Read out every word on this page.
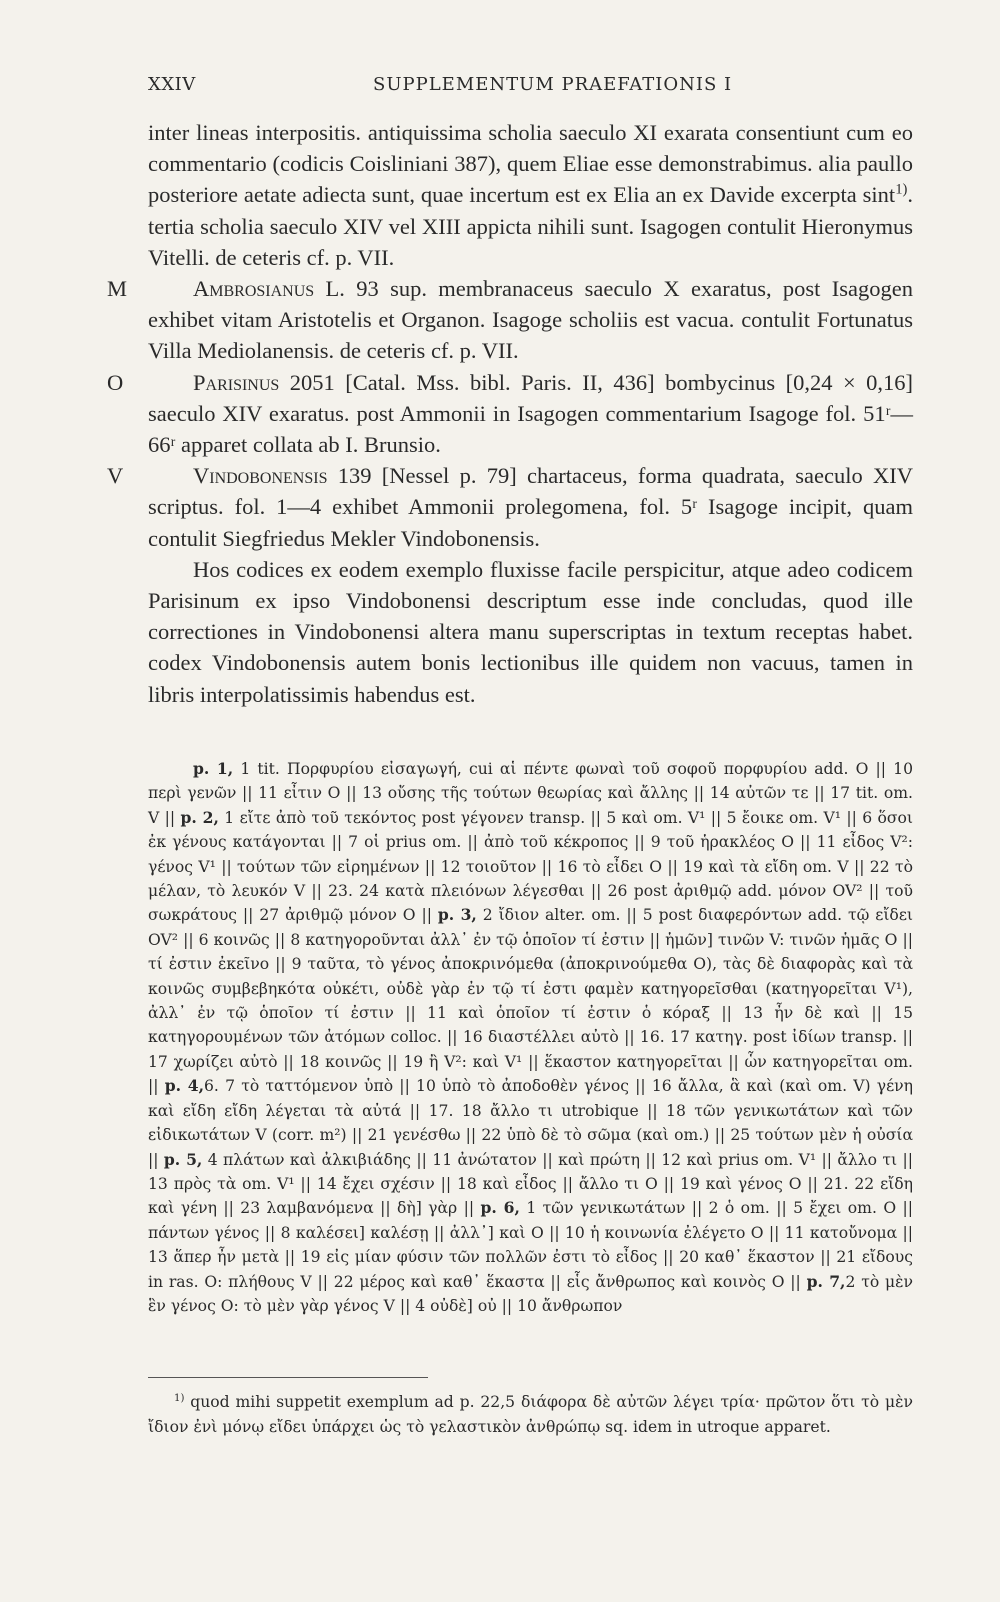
XXIV	SUPPLEMENTUM PRAEFATIONIS I

inter lineas interpositis. antiquissima scholia saeculo XI exarata consentiunt cum eo commentario (codicis Coisliniani 387), quem Eliae esse demonstrabimus. alia paullo posteriore aetate adiecta sunt, quae incertum est ex Elia an ex Davide excerpta sint$^{1)}$. tertia scholia saeculo XIV vel XIII appicta nihili sunt. Isagogen contulit Hieronymus Vitelli. de ceteris cf. p. VII.

M	Ambrosianus L. 93 sup. membranaceus saeculo X exaratus, post Isagogen exhibet vitam Aristotelis et Organon. Isagoge scholiis est vacua. contulit Fortunatus Villa Mediolanensis. de ceteris cf. p. VII.

O	Parisinus 2051 [Catal. Mss. bibl. Paris. II, 436] bombycinus [0,24 × 0,16] saeculo XIV exaratus. post Ammonii in Isagogen commentarium Isagoge fol. 51ʳ—66ʳ apparet collata ab I. Brunsio.

V	Vindobonensis 139 [Nessel p. 79] chartaceus, forma quadrata, saeculo XIV scriptus. fol. 1—4 exhibet Ammonii prolegomena, fol. 5ʳ Isagoge incipit, quam contulit Siegfriedus Mekler Vindobonensis.

Hos codices ex eodem exemplo fluxisse facile perspicitur, atque adeo codicem Parisinum ex ipso Vindobonensi descriptum esse inde concludas, quod ille correctiones in Vindobonensi altera manu superscriptas in textum receptas habet. codex Vindobonensis autem bonis lectionibus ille quidem non vacuus, tamen in libris interpolatissimis habendus est.

p. 1, 1 tit. Πορφυρίου εἰσαγωγή, cui αἱ πέντε φωναὶ τοῦ σοφοῦ πορφυρίου add. O || 10 περὶ γενῶν || 11 εἶτιν O || 13 οὔσης τῆς τούτων θεωρίας καὶ ἄλλης || 14 αὐτῶν τε || 17 tit. om. V || p. 2, 1 εἴτε ἀπὸ τοῦ τεκόντος post γέγονεν transp. || 5 καὶ om. V¹ || 5 ἔοικε om. V¹ || 6 ὅσοι ἐκ γένους κατάγονται || 7 οἱ prius om. || ἀπὸ τοῦ κέκροπος || 9 τοῦ ἡρακλέος O || 11 εἶδος V²: γένος V¹ || τούτων τῶν εἰρημένων || 12 τοιοῦτον || 16 τὸ εἶδει O || 19 καὶ τὰ εἴδη om. V || 22 τὸ μέλαν, τὸ λευκόν V || 23. 24 κατὰ πλειόνων λέγεσθαι || 26 post ἀριθμῷ add. μόνον OV² || τοῦ σωκράτους || 27 ἀριθμῷ μόνον O || p. 3, 2 ἴδιον alter. om. || 5 post διαφερόντων add. τῷ εἴδει OV² || 6 κοινῶς || 8 κατηγοροῦνται ἀλλ᾽ ἐν τῷ ὁποῖον τί ἐστιν || ἡμῶν] τινῶν V: τινῶν ἡμᾶς O || τί ἐστιν ἐκεῖνο || 9 ταῦτα, τὸ γένος ἀποκρινόμεθα (ἀποκρινούμεθα O), τὰς δὲ διαφορὰς καὶ τὰ κοινῶς συμβεβηκότα οὐκέτι, οὐδὲ γὰρ ἐν τῷ τί ἐστι φαμὲν κατηγορεῖσθαι (κατηγορεῖται V¹), ἀλλ᾽ ἐν τῷ ὁποῖον τί ἐστιν || 11 καὶ ὁποῖον τί ἐστιν ὁ κόραξ || 13 ἦν δὲ καὶ || 15 κατηγορουμένων τῶν ἀτόμων colloc. || 16 διαστέλλει αὐτὸ || 16. 17 κατηγ. post ἰδίων transp. || 17 χωρίζει αὐτὸ || 18 κοινῶς || 19 ἢ V²: καὶ V¹ || ἕκαστον κατηγορεῖται || ὧν κατηγορεῖται om. || p. 4,6. 7 τὸ ταττόμενον ὑπὸ || 10 ὑπὸ τὸ ἀποδοθὲν γένος || 16 ἄλλα, ἃ καὶ (καὶ om. V) γένη καὶ εἴδη εἴδη λέγεται τὰ αὐτά || 17. 18 ἄλλο τι utrobique || 18 τῶν γενικωτάτων καὶ τῶν εἰδικωτάτων V (corr. m²) || 21 γενέσθω || 22 ὑπὸ δὲ τὸ σῶμα (καὶ om.) || 25 τούτων μὲν ἡ οὐσία || p. 5, 4 πλάτων καὶ ἀλκιβιάδης || 11 ἀνώτατον || καὶ πρώτη || 12 καὶ prius om. V¹ || ἄλλο τι || 13 πρὸς τὰ om. V¹ || 14 ἔχει σχέσιν || 18 καὶ εἶδος || ἄλλο τι O || 19 καὶ γένος O || 21. 22 εἴδη καὶ γένη || 23 λαμβανόμενα || δὴ] γὰρ || p. 6, 1 τῶν γενικωτάτων || 2 ὁ om. || 5 ἔχει om. O || πάντων γένος || 8 καλέσει] καλέσῃ || ἀλλ᾽] καὶ O || 10 ἡ κοινωνία ἐλέγετο O || 11 κατοὔνομα || 13 ἅπερ ἦν μετὰ || 19 εἰς μίαν φύσιν τῶν πολλῶν ἐστι τὸ εἶδος || 20 καθ᾽ ἕκαστον || 21 εἴδους in ras. O: πλήθους V || 22 μέρος καὶ καθ᾽ ἕκαστα || εἷς ἄνθρωπος καὶ κοινὸς O || p. 7,2 τὸ μὲν ἓν γένος O: τὸ μὲν γὰρ γένος V || 4 οὐδὲ] οὐ || 10 ἄνθρωπον

$^{1)}$ quod mihi suppetit exemplum ad p. 22,5 διάφορα δὲ αὐτῶν λέγει τρία· πρῶτον ὅτι τὸ μὲν ἴδιον ἐνὶ μόνῳ εἴδει ὑπάρχει ὡς τὸ γελαστικὸν ἀνθρώπῳ sq. idem in utroque apparet.
